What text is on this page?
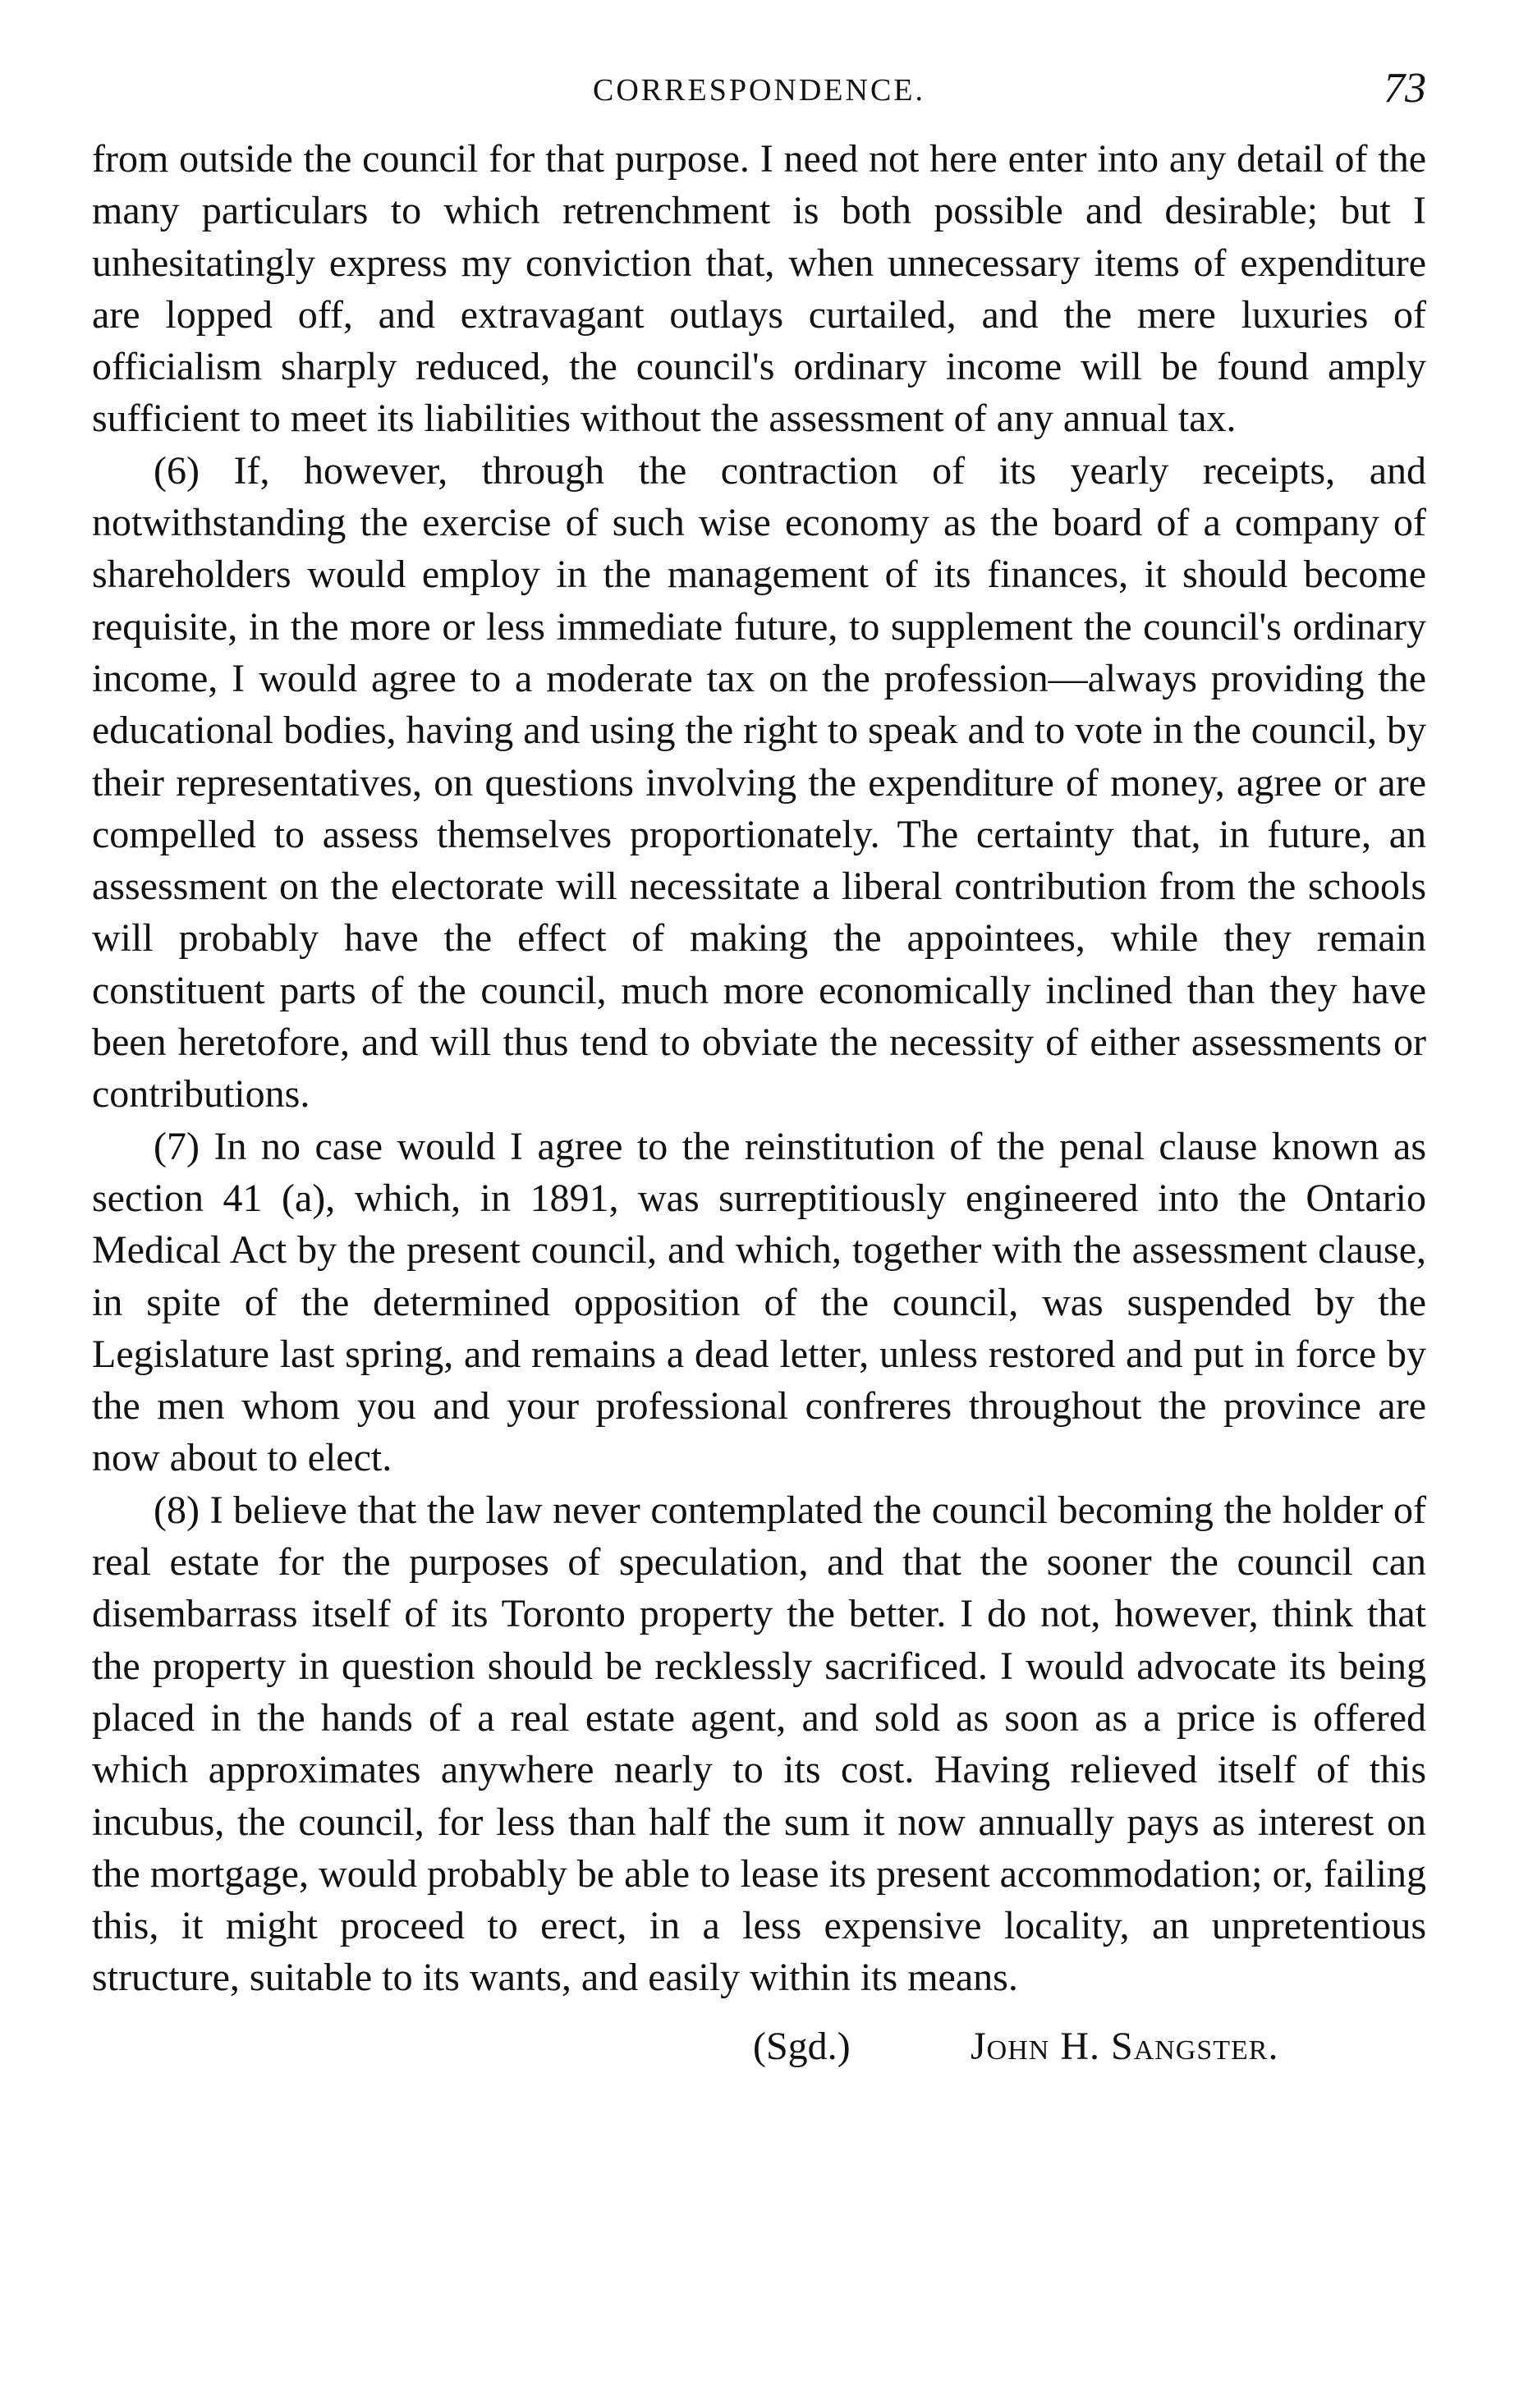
CORRESPONDENCE.	73

from outside the council for that purpose. I need not here enter into any detail of the many particulars to which retrenchment is both possible and desirable; but I unhesitatingly express my conviction that, when unnecessary items of expenditure are lopped off, and extravagant outlays curtailed, and the mere luxuries of officialism sharply reduced, the council's ordinary income will be found amply sufficient to meet its liabilities without the assessment of any annual tax.

(6) If, however, through the contraction of its yearly receipts, and notwithstanding the exercise of such wise economy as the board of a company of shareholders would employ in the management of its finances, it should become requisite, in the more or less immediate future, to supplement the council's ordinary income, I would agree to a moderate tax on the profession—always providing the educational bodies, having and using the right to speak and to vote in the council, by their representatives, on questions involving the expenditure of money, agree or are compelled to assess themselves proportionately. The certainty that, in future, an assessment on the electorate will necessitate a liberal contribution from the schools will probably have the effect of making the appointees, while they remain constituent parts of the council, much more economically inclined than they have been heretofore, and will thus tend to obviate the necessity of either assessments or contributions.

(7) In no case would I agree to the reinstitution of the penal clause known as section 41 (a), which, in 1891, was surreptitiously engineered into the Ontario Medical Act by the present council, and which, together with the assessment clause, in spite of the determined opposition of the council, was suspended by the Legislature last spring, and remains a dead letter, unless restored and put in force by the men whom you and your professional confreres throughout the province are now about to elect.

(8) I believe that the law never contemplated the council becoming the holder of real estate for the purposes of speculation, and that the sooner the council can disembarrass itself of its Toronto property the better. I do not, however, think that the property in question should be recklessly sacrificed. I would advocate its being placed in the hands of a real estate agent, and sold as soon as a price is offered which approximates anywhere nearly to its cost. Having relieved itself of this incubus, the council, for less than half the sum it now annually pays as interest on the mortgage, would probably be able to lease its present accommodation; or, failing this, it might proceed to erect, in a less expensive locality, an unpretentious structure, suitable to its wants, and easily within its means.

(Sgd.)	John H. Sangster.
